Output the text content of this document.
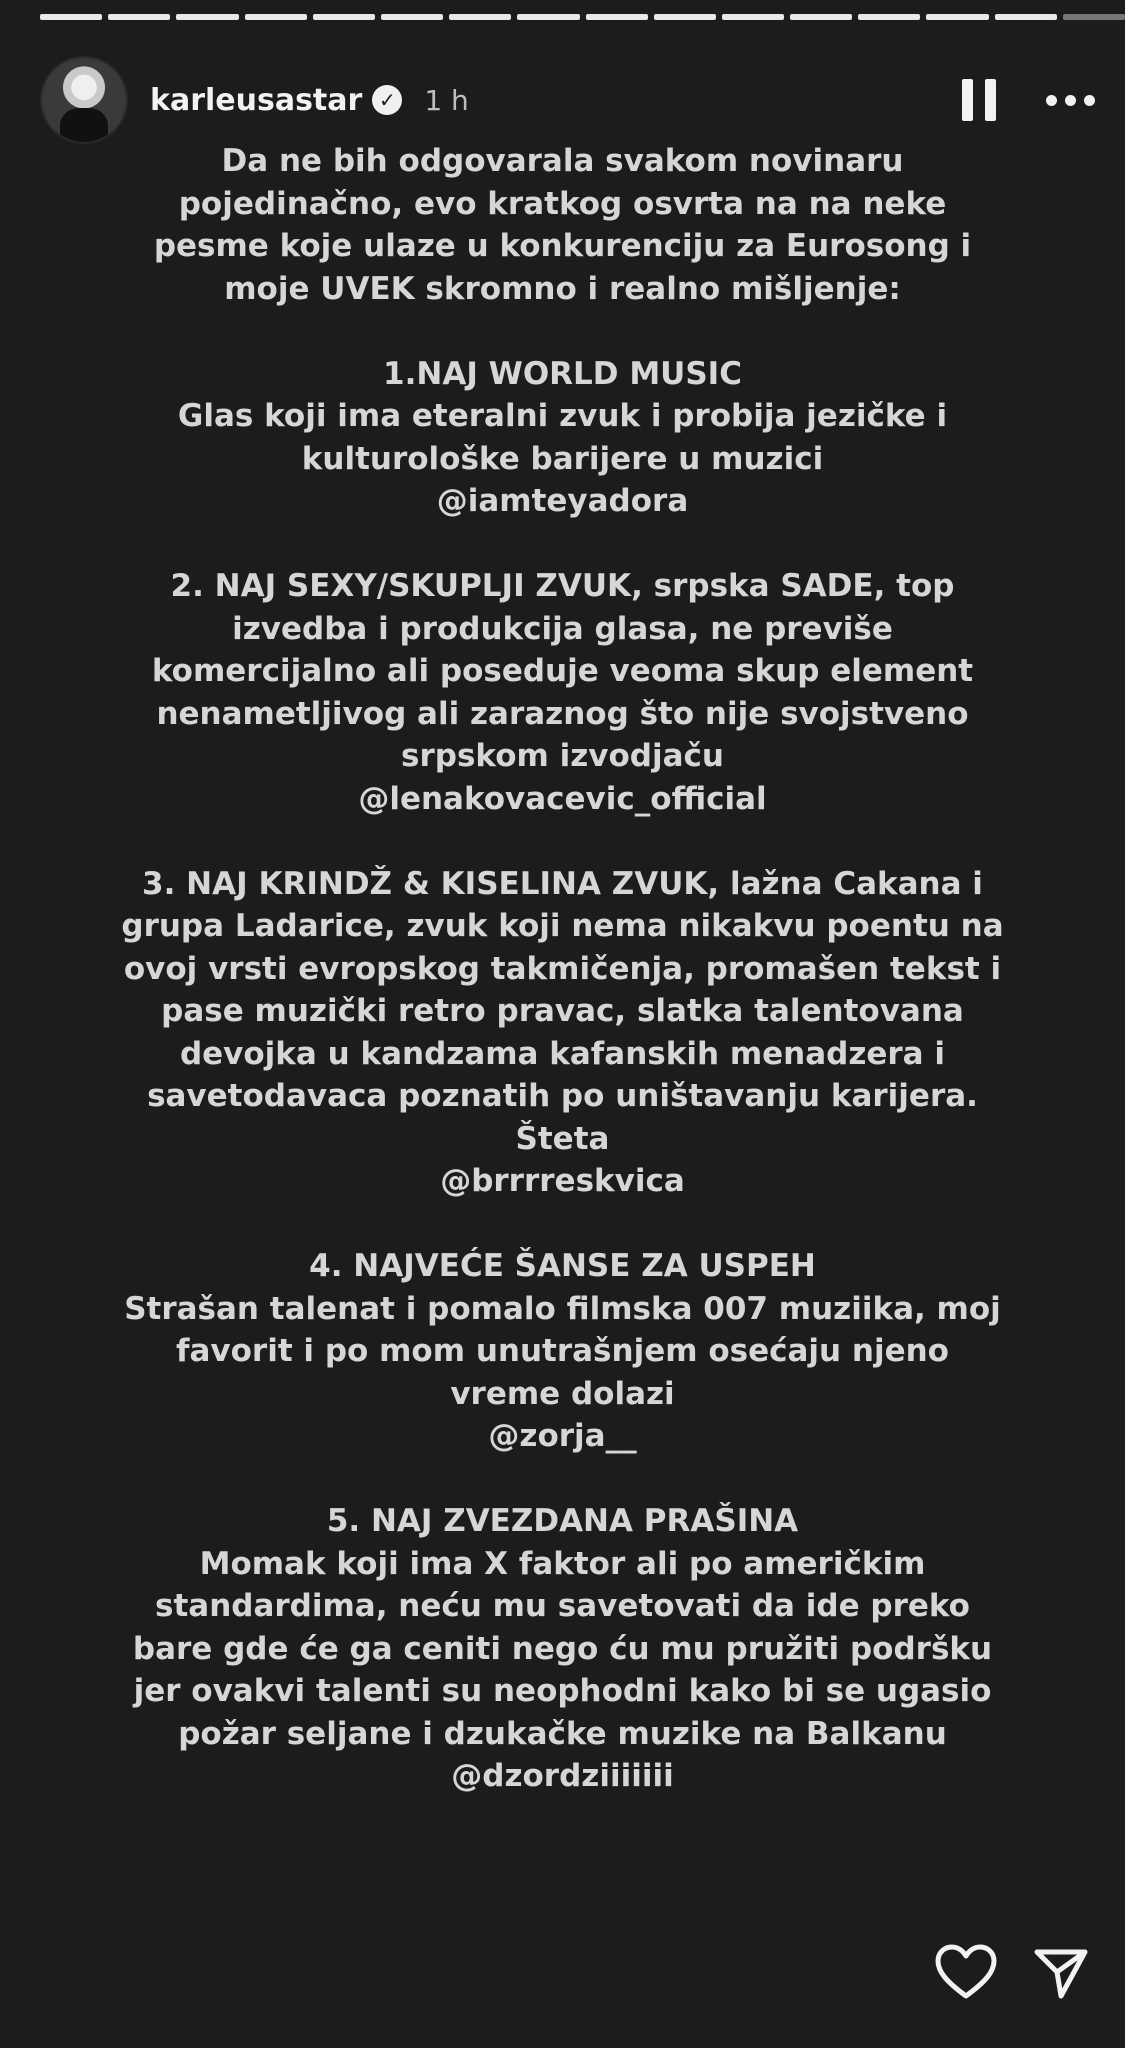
karleusastar ✓ 1 h
Da ne bih odgovarala svakom novinaru
pojedinačno, evo kratkog osvrta na na neke
pesme koje ulaze u konkurenciju za Eurosong i
moje UVEK skromno i realno mišljenje:

1.NAJ WORLD MUSIC
Glas koji ima eteralni zvuk i probija jezičke i
kulturološke barijere u muzici
@iamteyadora

2. NAJ SEXY/SKUPLJI ZVUK, srpska SADE, top
izvedba i produkcija glasa, ne previše
komercijalno ali poseduje veoma skup element
nenametljivog ali zaraznog što nije svojstveno
srpskom izvodjaču
@lenakovacevic_official

3. NAJ KRINDŽ & KISELINA ZVUK, lažna Cakana i
grupa Ladarice, zvuk koji nema nikakvu poentu na
ovoj vrsti evropskog takmičenja, promašen tekst i
pase muzički retro pravac, slatka talentovana
devojka u kandzama kafanskih menadzera i
savetodavaca poznatih po uništavanju karijera.
Šteta
@brrrreskvica

4. NAJVEĆE ŠANSE ZA USPEH
Strašan talenat i pomalo filmska 007 muziika, moj
favorit i po mom unutrašnjem osećaju njeno
vreme dolazi
@zorja__

5. NAJ ZVEZDANA PRAŠINA
Momak koji ima X faktor ali po američkim
standardima, neću mu savetovati da ide preko
bare gde će ga ceniti nego ću mu pružiti podršku
jer ovakvi talenti su neophodni kako bi se ugasio
požar seljane i dzukačke muzike na Balkanu
@dzordziiiiiii
